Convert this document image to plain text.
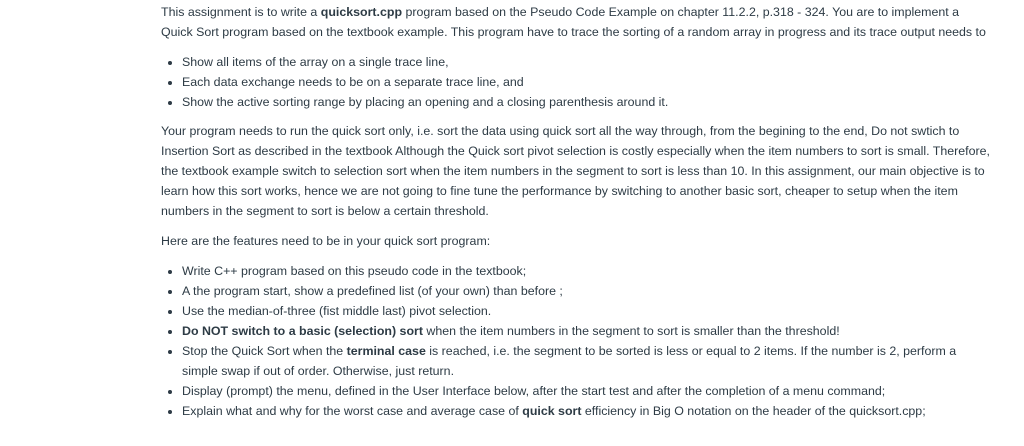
This assignment is to write a quicksort.cpp program based on the Pseudo Code Example on chapter 11.2.2, p.318 - 324. You are to implement a Quick Sort program based on the textbook example. This program have to trace the sorting of a random array in progress and its trace output needs to

• Show all items of the array on a single trace line,
• Each data exchange needs to be on a separate trace line, and
• Show the active sorting range by placing an opening and a closing parenthesis around it.

Your program needs to run the quick sort only, i.e. sort the data using quick sort all the way through, from the begining to the end, Do not swtich to Insertion Sort as described in the textbook Although the Quick sort pivot selection is costly especially when the item numbers to sort is small. Therefore, the textbook example switch to selection sort when the item numbers in the segment to sort is less than 10. In this assignment, our main objective is to learn how this sort works, hence we are not going to fine tune the performance by switching to another basic sort, cheaper to setup when the item numbers in the segment to sort is below a certain threshold.

Here are the features need to be in your quick sort program:

• Write C++ program based on this pseudo code in the textbook;
• A the program start, show a predefined list (of your own) than before ;
• Use the median-of-three (fist middle last) pivot selection.
• Do NOT switch to a basic (selection) sort when the item numbers in the segment to sort is smaller than the threshold!
• Stop the Quick Sort when the terminal case is reached, i.e. the segment to be sorted is less or equal to 2 items. If the number is 2, perform a simple swap if out of order. Otherwise, just return.
• Display (prompt) the menu, defined in the User Interface below, after the start test and after the completion of a menu command;
• Explain what and why for the worst case and average case of quick sort efficiency in Big O notation on the header of the quicksort.cpp;
